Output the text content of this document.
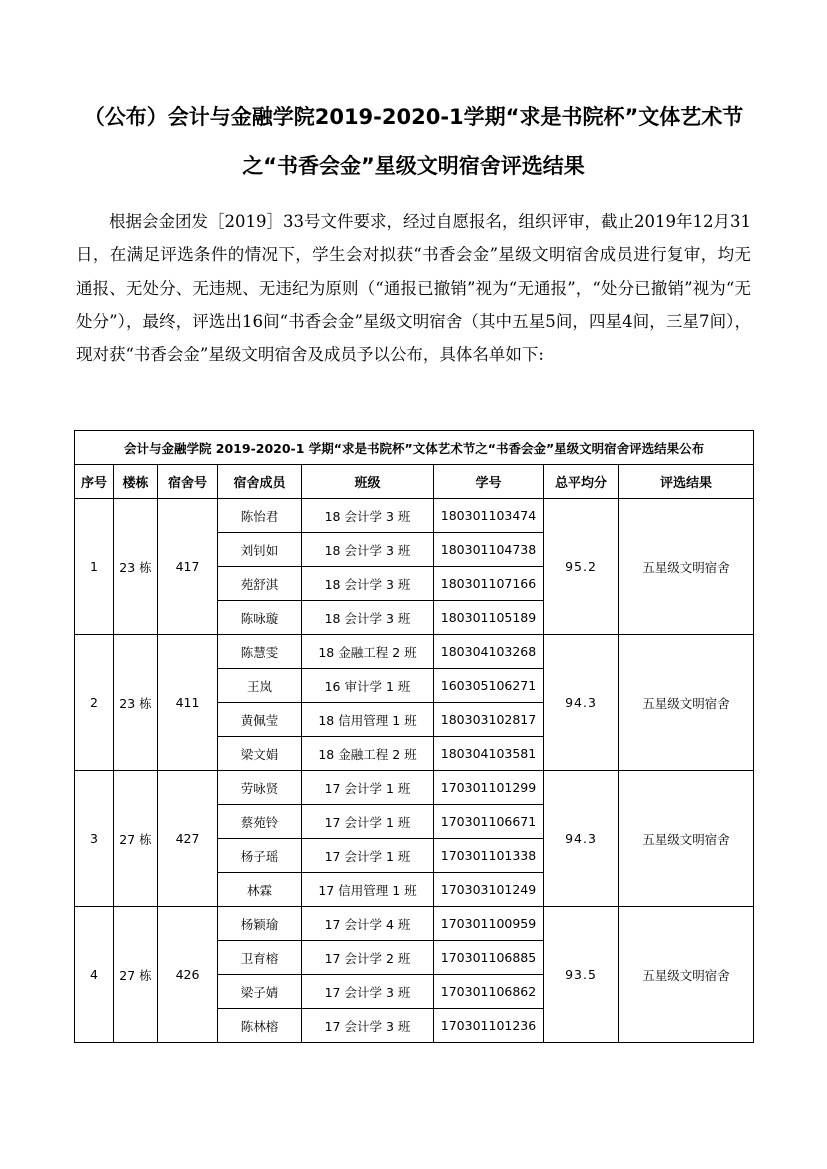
（公布）会计与金融学院2019-2020-1学期“求是书院杯”文体艺术节
之“书香会金”星级文明宿舍评选结果

根据会金团发［2019］33号文件要求，经过自愿报名，组织评审，截止2019年12月31日，在满足评选条件的情况下，学生会对拟获“书香会金”星级文明宿舍成员进行复审，均无通报、无处分、无违规、无违纪为原则（“通报已撤销”视为“无通报”，“处分已撤销”视为“无处分”），最终，评选出16间“书香会金”星级文明宿舍（其中五星5间，四星4间，三星7间），现对获“书香会金”星级文明宿舍及成员予以公布，具体名单如下:

会计与金融学院 2019-2020-1 学期“求是书院杯”文体艺术节之“书香会金”星级文明宿舍评选结果公布							
序号	楼栋	宿舍号	宿舍成员	班级	学号	总平均分	评选结果
1	23 栋	417	陈怡君	18 会计学 3 班	180301103474	95.2	五星级文明宿舍
			刘钊如	18 会计学 3 班	180301104738		
			苑舒淇	18 会计学 3 班	180301107166		
			陈咏璇	18 会计学 3 班	180301105189		
2	23 栋	411	陈慧雯	18 金融工程 2 班	180304103268	94.3	五星级文明宿舍
			王岚	16 审计学 1 班	160305106271		
			黄佩莹	18 信用管理 1 班	180303102817		
			梁文娟	18 金融工程 2 班	180304103581		
3	27 栋	427	劳咏贤	17 会计学 1 班	170301101299	94.3	五星级文明宿舍
			蔡苑铃	17 会计学 1 班	170301106671		
			杨子瑶	17 会计学 1 班	170301101338		
			林霖	17 信用管理 1 班	170303101249		
4	27 栋	426	杨颖瑜	17 会计学 4 班	170301100959	93.5	五星级文明宿舍
			卫育榕	17 会计学 2 班	170301106885		
			梁子婧	17 会计学 3 班	170301106862		
			陈林榕	17 会计学 3 班	170301101236		
